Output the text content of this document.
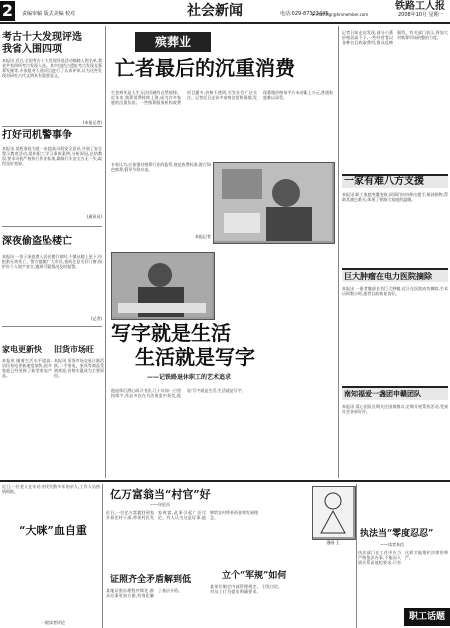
2	责编审稿 版式美编 校对	社会新闻	电话:029-87323445
E-mail:tlgr@hnmember.com
铁路工人报
2008年10月 星期一
考古十大发现评选
我省入围四项
本报讯 近日,全国考古十大发现评选活动揭晓入围名单,我省共有四项考古发现入选。其中包括古遗址考古发现及墓葬发掘等,专家组对入选项目进行了认真评审,认为这些发现对研究古代文明具有重要意义。
(本报记者)
打好司机警事争
本报讯 某机务段为进一步提高司机安全意识,开展了安全警示教育活动,组织职工学习事故案例,分析原因,总结教训,要求司机严格执行作业标准,确保行车安全万无一失,取得良好效果。
(通讯员)
深夜偷盗坠楼亡
本报讯 一男子深夜潜入居民楼行窃时,不慎从楼上坠下,经抢救无效死亡。警方提醒广大市民,夜间注意关好门窗,保护好个人财产安全,遇到可疑情况及时报警。
(记者)
家电更新快
本报讯 随着生活水平提高,居民家电更新速度加快,很多家庭已经更换了新型家电产品。
旧货市场旺
本报讯 旧货市场交易日渐活跃,二手家电、家具等商品受到欢迎,价格实惠成为主要原因。
殡葬业
亡者最后的沉重消费
生老病死是人生无法回避的自然规律。近年来,殡葬消费持续上涨,成为许多家庭的沉重负担。一些殡葬服务机构收费项目繁多,价格不透明,引发社会广泛关注。记者近日走访多家殡仪馆和墓地,发现墓地价格每平方米动辄上万元,普通家庭难以承受。
专家认为,应加强对殡葬行业的监管,规范收费标准,推行绿色殡葬,倡导节俭办丧。
本报记者
写字就是生活
生活就是写字
——记铁路退休职工的艺术追求
他退休后潜心研习书法,几十年如一日坚持练字,作品多次在书法展览中获奖,他说:写字就是生活,生活就是写字。
记者日前走访发现,部分公墓价格居高不下,一些经营者以各种名目收取费用,群众反映强烈。有关部门表示,将加大对殡葬市场的整治力度。
一家有难八方支援
本报讯 职工家庭突遭变故,同事们纷纷伸出援手,捐款捐物,帮助其渡过难关,体现了铁路大家庭的温暖。
巨大肿瘤在电力医院摘除
本报讯 一患者腹部长有巨大肿瘤,近日在医院成功摘除,手术历时数小时,患者目前恢复良好。
南知福爱一盏团申赣团队
本报讯 爱心团队长期关注困难群众,定期开展帮扶活动,受到社会各界好评。
近日,一位老人在车站寻找失散多年的亲人,工作人员热情相助。
“大咪”血自重
一般读者评论
亿万富翁当“村官”好
——评论员
近日,一位亿万富翁回到家乡担任村干部,带领村民发家致富,此事引起广泛讨论。有人认为这是好事,能够给农村带来资金和发展理念。
证照齐全矛盾解到低
某地证照办理程序简化,群众办事更加方便,有效化解了基层矛盾。
立个“军规”如何
某单位制定内部管理规定,对员工行为提出明确要求,引发讨论。
漫画 王
执法当“零度忍忍”
——读者来信
执法部门在工作中应当严格依法办事,不能因人情关系而放松要求,只有这样才能维护法律的尊严。
职工话题
